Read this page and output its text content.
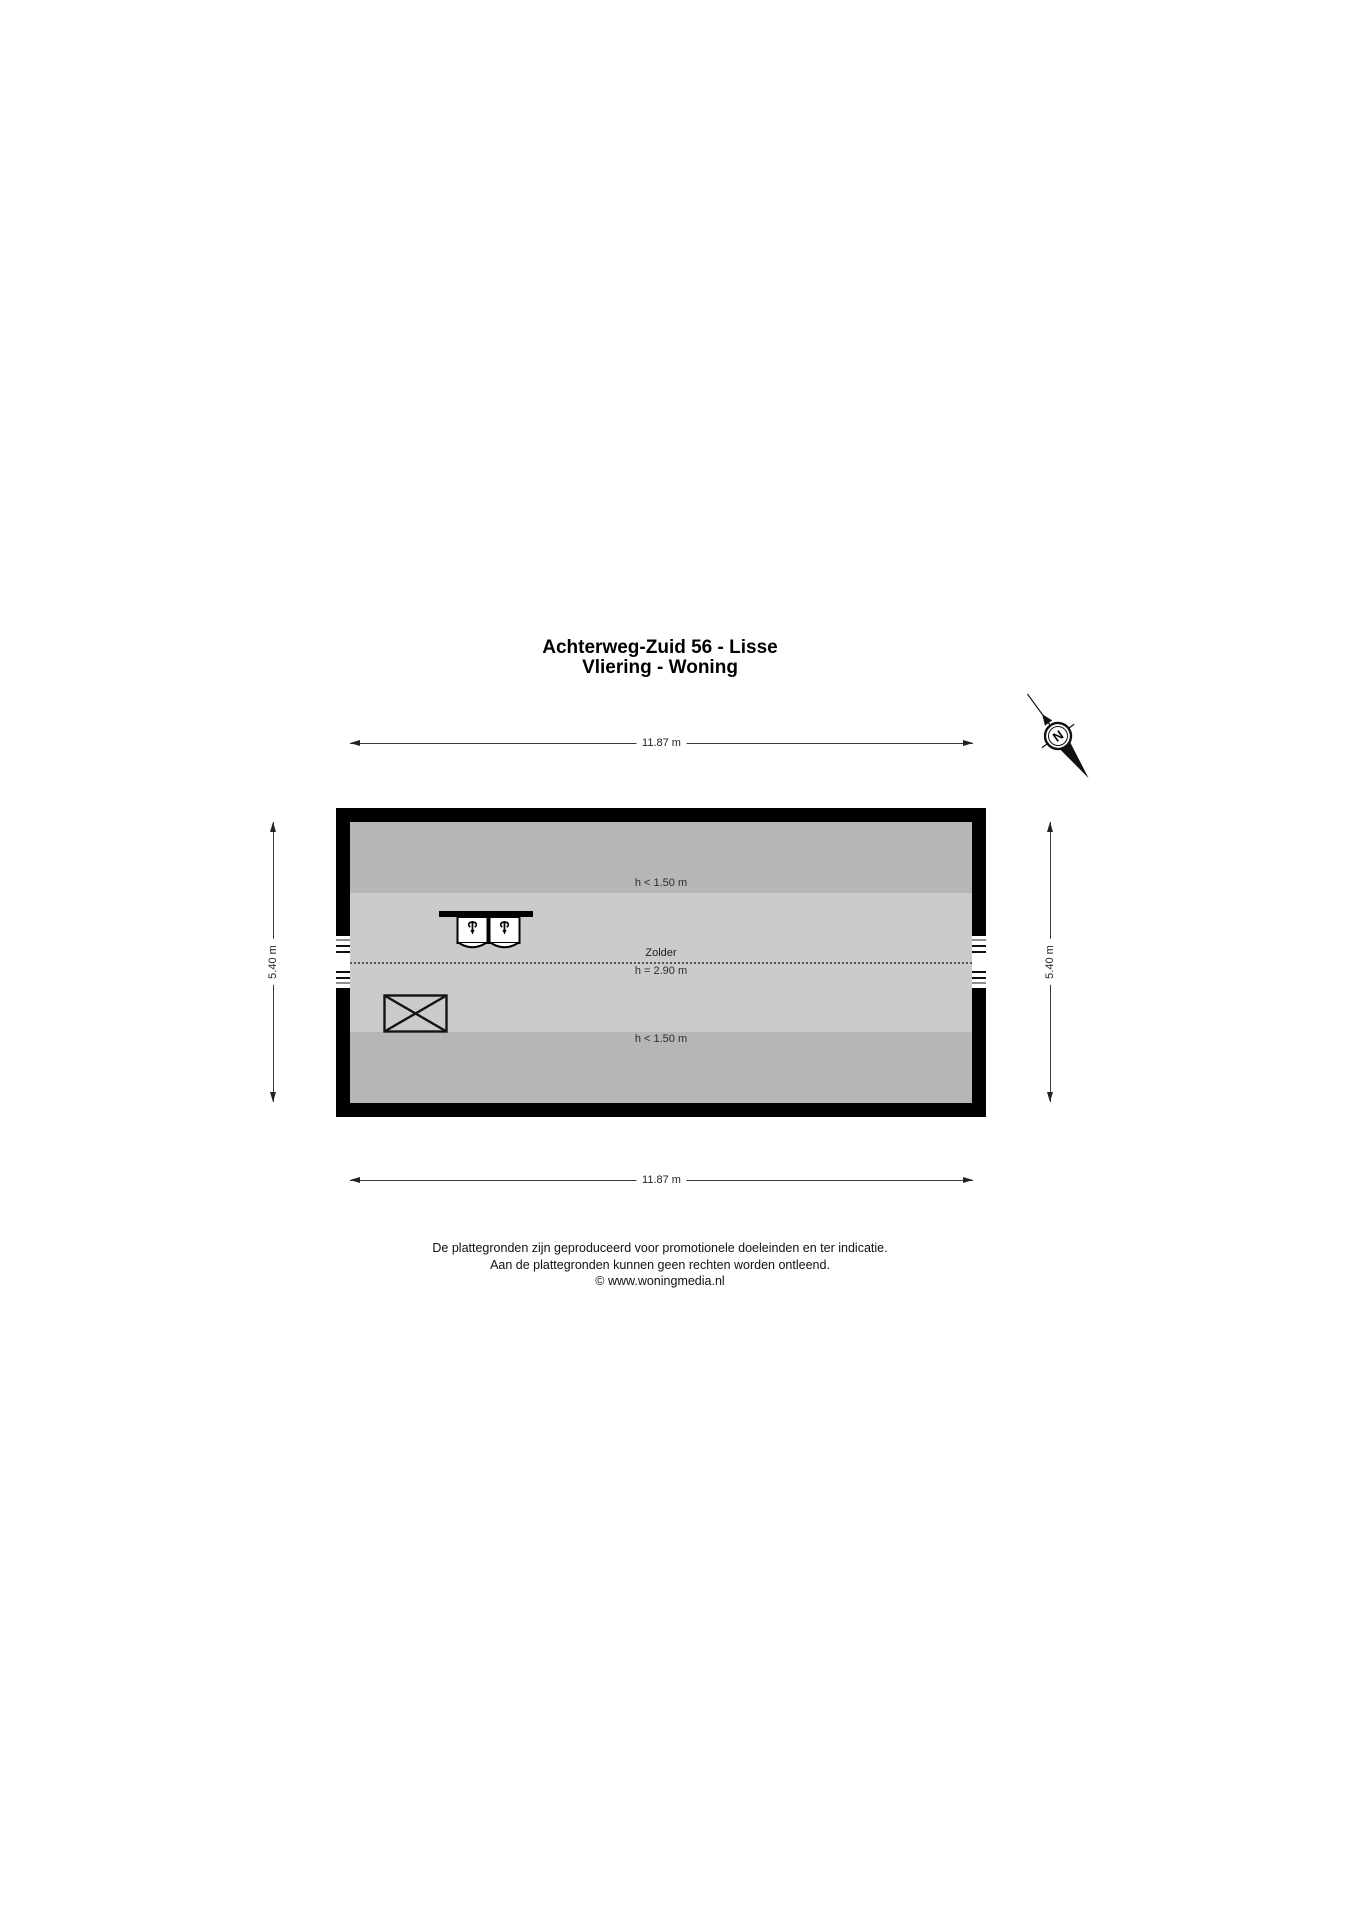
Achterweg-Zuid 56 - Lisse
Vliering - Woning
N
11.87 m
11.87 m
5.40 m	5.40 m
h < 1.50 m
Zolder
h = 2.90 m
h < 1.50 m
De plattegronden zijn geproduceerd voor promotionele doeleinden en ter indicatie.
Aan de plattegronden kunnen geen rechten worden ontleend.
© www.woningmedia.nl
